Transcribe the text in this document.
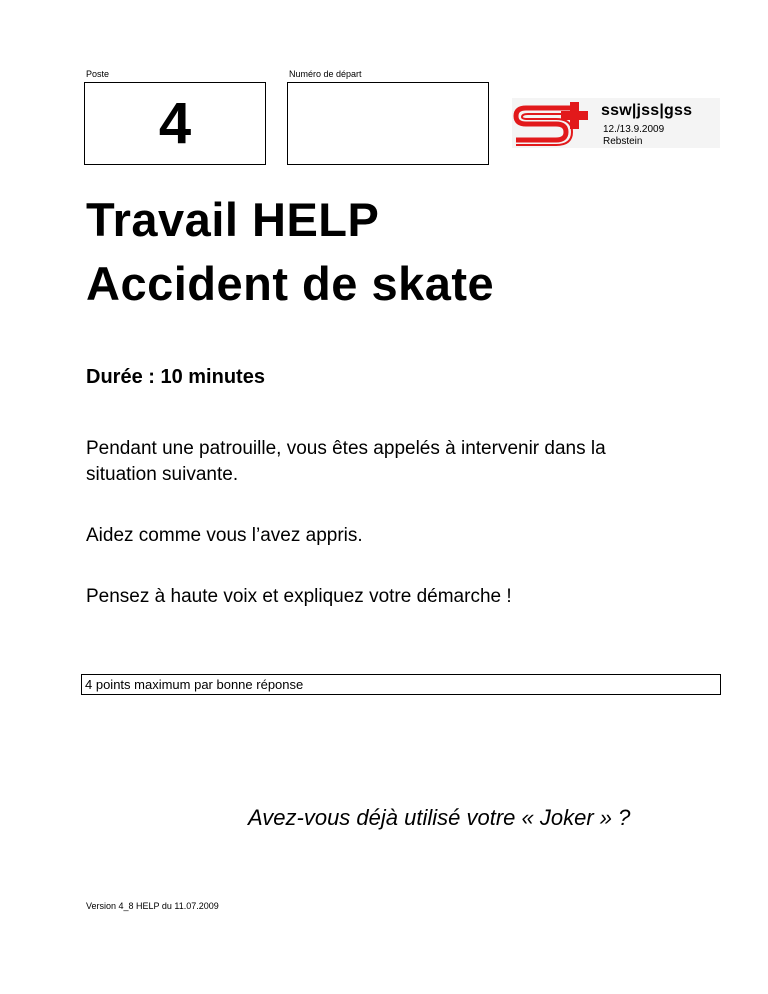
Poste
4
Numéro de départ
ssw|jss|gss
12./13.9.2009
Rebstein
Travail HELP
Accident de skate
Durée : 10 minutes
Pendant une patrouille, vous êtes appelés à intervenir dans la
situation suivante.
Aidez comme vous l’avez appris.
Pensez à haute voix et expliquez votre démarche !
4 points maximum par bonne réponse
Avez-vous déjà utilisé votre « Joker » ?
Version 4_8 HELP du 11.07.2009
